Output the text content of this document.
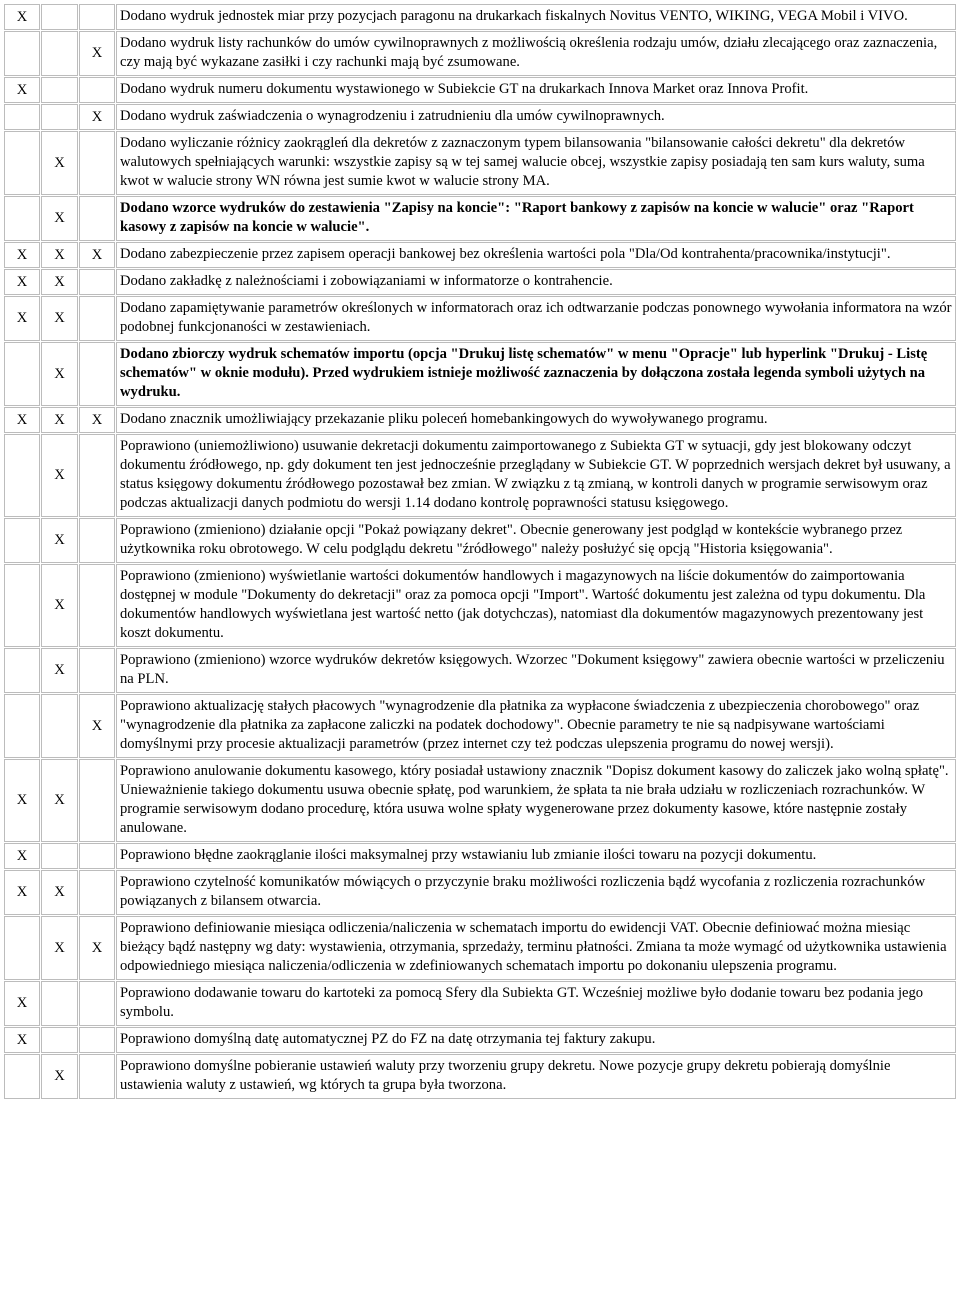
X			Dodano wydruk jednostek miar przy pozycjach paragonu na drukarkach fiskalnych Novitus VENTO, WIKING, VEGA Mobil i VIVO.
		X	Dodano wydruk listy rachunków do umów cywilnoprawnych z możliwością określenia rodzaju umów, działu zlecającego oraz zaznaczenia, czy mają być wykazane zasiłki i czy rachunki mają być zsumowane.
X			Dodano wydruk numeru dokumentu wystawionego w Subiekcie GT na drukarkach Innova Market oraz Innova Profit.
		X	Dodano wydruk zaświadczenia o wynagrodzeniu i zatrudnieniu dla umów cywilnoprawnych.
	X		Dodano wyliczanie różnicy zaokrągleń dla dekretów z zaznaczonym typem bilansowania "bilansowanie całości dekretu" dla dekretów walutowych spełniających warunki: wszystkie zapisy są w tej samej walucie obcej, wszystkie zapisy posiadają ten sam kurs waluty, suma kwot w walucie strony WN równa jest sumie kwot w walucie strony MA.
	X		Dodano wzorce wydruków do zestawienia "Zapisy na koncie": "Raport bankowy z zapisów na koncie w walucie" oraz "Raport kasowy z zapisów na koncie w walucie".
X	X	X	Dodano zabezpieczenie przez zapisem operacji bankowej bez określenia wartości pola "Dla/Od kontrahenta/pracownika/instytucji".
X	X		Dodano zakładkę z należnościami i zobowiązaniami w informatorze o kontrahencie.
X	X		Dodano zapamiętywanie parametrów określonych w informatorach oraz ich odtwarzanie podczas ponownego wywołania informatora na wzór podobnej funkcjonaności w zestawieniach.
	X		Dodano zbiorczy wydruk schematów importu (opcja "Drukuj listę schematów" w menu "Opracje" lub hyperlink "Drukuj - Listę schematów" w oknie modułu). Przed wydrukiem istnieje możliwość zaznaczenia by dołączona została legenda symboli użytych na wydruku.
X	X	X	Dodano znacznik umożliwiający przekazanie pliku poleceń homebankingowych do wywoływanego programu.
	X		Poprawiono (uniemożliwiono) usuwanie dekretacji dokumentu zaimportowanego z Subiekta GT w sytuacji, gdy jest blokowany odczyt dokumentu źródłowego, np. gdy dokument ten jest jednocześnie przeglądany w Subiekcie GT. W poprzednich wersjach dekret był usuwany, a status księgowy dokumentu źródłowego pozostawał bez zmian. W związku z tą zmianą, w kontroli danych w programie serwisowym oraz podczas aktualizacji danych podmiotu do wersji 1.14 dodano kontrolę poprawności statusu księgowego.
	X		Poprawiono (zmieniono) działanie opcji "Pokaż powiązany dekret". Obecnie generowany jest podgląd w kontekście wybranego przez użytkownika roku obrotowego. W celu podglądu dekretu "źródłowego" należy posłużyć się opcją "Historia księgowania".
	X		Poprawiono (zmieniono) wyświetlanie wartości dokumentów handlowych i magazynowych na liście dokumentów do zaimportowania dostępnej w module "Dokumenty do dekretacji" oraz za pomoca opcji "Import". Wartość dokumentu jest zależna od typu dokumentu. Dla dokumentów handlowych wyświetlana jest wartość netto (jak dotychczas), natomiast dla dokumentów magazynowych prezentowany jest koszt dokumentu.
	X		Poprawiono (zmieniono) wzorce wydruków dekretów księgowych. Wzorzec "Dokument księgowy" zawiera obecnie wartości w przeliczeniu na PLN.
		X	Poprawiono aktualizację stałych płacowych "wynagrodzenie dla płatnika za wypłacone świadczenia z ubezpieczenia chorobowego" oraz "wynagrodzenie dla płatnika za zapłacone zaliczki na podatek dochodowy". Obecnie parametry te nie są nadpisywane wartościami domyślnymi przy procesie aktualizacji parametrów (przez internet czy też podczas ulepszenia programu do nowej wersji).
X	X		Poprawiono anulowanie dokumentu kasowego, który posiadał ustawiony znacznik "Dopisz dokument kasowy do zaliczek jako wolną spłatę". Unieważnienie takiego dokumentu usuwa obecnie spłatę, pod warunkiem, że spłata ta nie brała udziału w rozliczeniach rozrachunków. W programie serwisowym dodano procedurę, która usuwa wolne spłaty wygenerowane przez dokumenty kasowe, które następnie zostały anulowane.
X			Poprawiono błędne zaokrąglanie ilości maksymalnej przy wstawianiu lub zmianie ilości towaru na pozycji dokumentu.
X	X		Poprawiono czytelność komunikatów mówiących o przyczynie braku możliwości rozliczenia bądź wycofania z rozliczenia rozrachunków powiązanych z bilansem otwarcia.
	X	X	Poprawiono definiowanie miesiąca odliczenia/naliczenia w schematach importu do ewidencji VAT. Obecnie definiować można miesiąc bieżący bądź następny wg daty: wystawienia, otrzymania, sprzedaży, terminu płatności. Zmiana ta może wymagć od użytkownika ustawienia odpowiedniego miesiąca naliczenia/odliczenia w zdefiniowanych schematach importu po dokonaniu ulepszenia programu.
X			Poprawiono dodawanie towaru do kartoteki za pomocą Sfery dla Subiekta GT. Wcześniej możliwe było dodanie towaru bez podania jego symbolu.
X			Poprawiono domyślną datę automatycznej PZ do FZ na datę otrzymania tej faktury zakupu.
	X		Poprawiono domyślne pobieranie ustawień waluty przy tworzeniu grupy dekretu. Nowe pozycje grupy dekretu pobierają domyślnie ustawienia waluty z ustawień, wg których ta grupa była tworzona.
